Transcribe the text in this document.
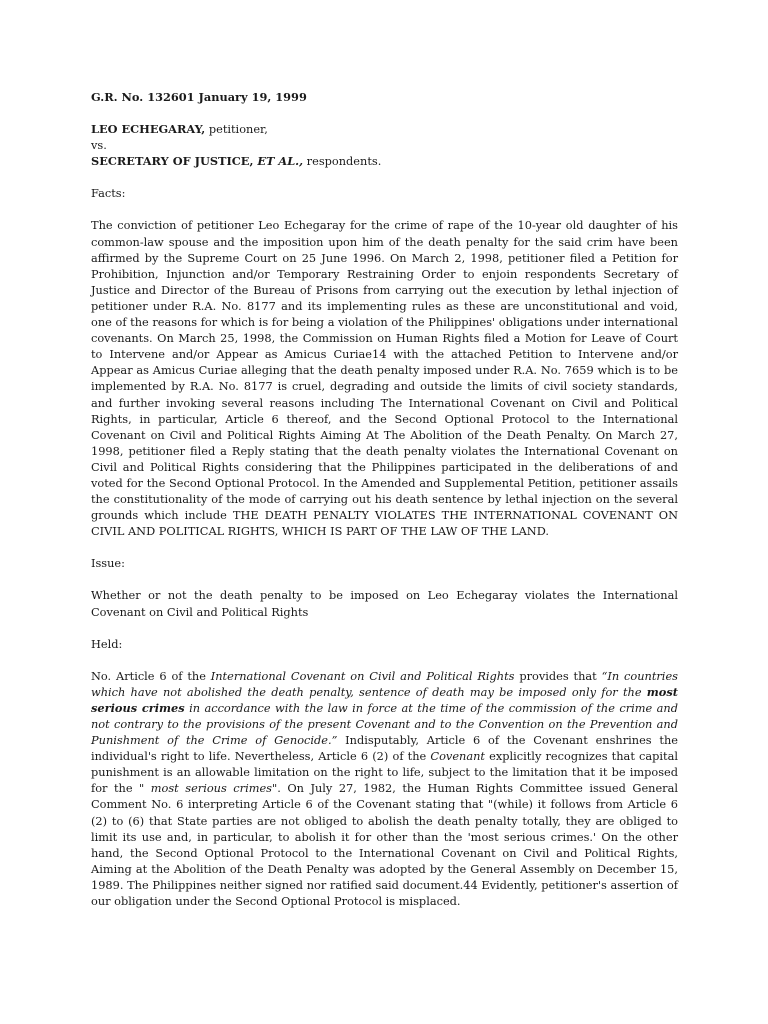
G.R. No. 132601 January 19, 1999

LEO ECHEGARAY, petitioner,

vs.

SECRETARY OF JUSTICE, ET AL., respondents.

Facts:

The conviction of petitioner Leo Echegaray for the crime of rape of the 10-year old daughter of his common-law spouse and the imposition upon him of the death penalty for the said crim have been affirmed by the Supreme Court on 25 June 1996. On March 2, 1998, petitioner filed a Petition for Prohibition, Injunction and/or Temporary Restraining Order to enjoin respondents Secretary of Justice and Director of the Bureau of Prisons from carrying out the execution by lethal injection of petitioner under R.A. No. 8177 and its implementing rules as these are unconstitutional and void, one of the reasons for which is for being a violation of the Philippines' obligations under international covenants. On March 25, 1998, the Commission on Human Rights filed a Motion for Leave of Court to Intervene and/or Appear as Amicus Curiae14 with the attached Petition to Intervene and/or Appear as Amicus Curiae alleging that the death penalty imposed under R.A. No. 7659 which is to be implemented by R.A. No. 8177 is cruel, degrading and outside the limits of civil society standards, and further invoking several reasons including The International Covenant on Civil and Political Rights, in particular, Article 6 thereof, and the Second Optional Protocol to the International Covenant on Civil and Political Rights Aiming At The Abolition of the Death Penalty. On March 27, 1998, petitioner filed a Reply stating that the death penalty violates the International Covenant on Civil and Political Rights considering that the Philippines participated in the deliberations of and voted for the Second Optional Protocol. In the Amended and Supplemental Petition, petitioner assails the constitutionality of the mode of carrying out his death sentence by lethal injection on the several grounds which include THE DEATH PENALTY VIOLATES THE INTERNATIONAL COVENANT ON CIVIL AND POLITICAL RIGHTS, WHICH IS PART OF THE LAW OF THE LAND.

Issue:

Whether or not the death penalty to be imposed on Leo Echegaray violates the International Covenant on Civil and Political Rights

Held:

No. Article 6 of the International Covenant on Civil and Political Rights provides that “In countries which have not abolished the death penalty, sentence of death may be imposed only for the most serious crimes in accordance with the law in force at the time of the commission of the crime and not contrary to the provisions of the present Covenant and to the Convention on the Prevention and Punishment of the Crime of Genocide.” Indisputably, Article 6 of the Covenant enshrines the individual's right to life. Nevertheless, Article 6 (2) of the Covenant explicitly recognizes that capital punishment is an allowable limitation on the right to life, subject to the limitation that it be imposed for the " most serious crimes". On July 27, 1982, the Human Rights Committee issued General Comment No. 6 interpreting Article 6 of the Covenant stating that "(while) it follows from Article 6 (2) to (6) that State parties are not obliged to abolish the death penalty totally, they are obliged to limit its use and, in particular, to abolish it for other than the 'most serious crimes.' On the other hand, the Second Optional Protocol to the International Covenant on Civil and Political Rights, Aiming at the Abolition of the Death Penalty was adopted by the General Assembly on December 15, 1989. The Philippines neither signed nor ratified said document.44 Evidently, petitioner's assertion of our obligation under the Second Optional Protocol is misplaced.
